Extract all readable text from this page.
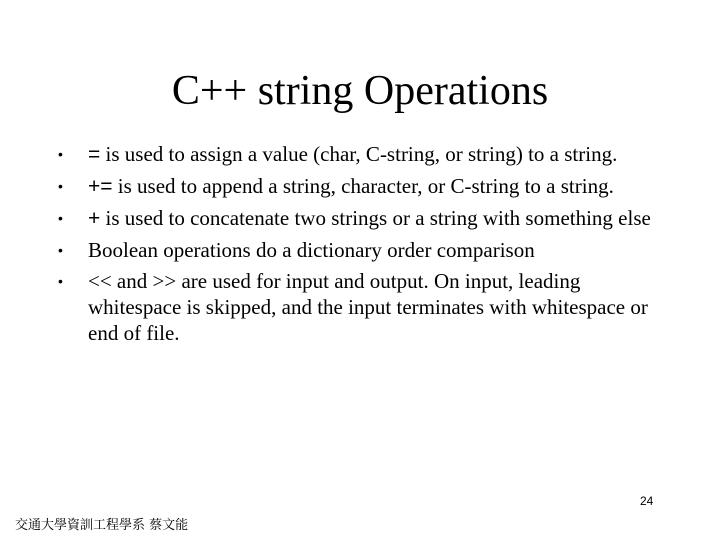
C++ string Operations
•	= is used to assign a value (char, C-string, or string) to a string.
•	+= is used to append a string, character, or C-string to a string.
•	+ is used to concatenate two strings or a string with something else
•	Boolean operations do a dictionary order comparison
•	<< and >> are used for input and output. On input, leading whitespace is skipped, and the input terminates with whitespace or end of file.
24
交通大學資訓工程學系 蔡文能
